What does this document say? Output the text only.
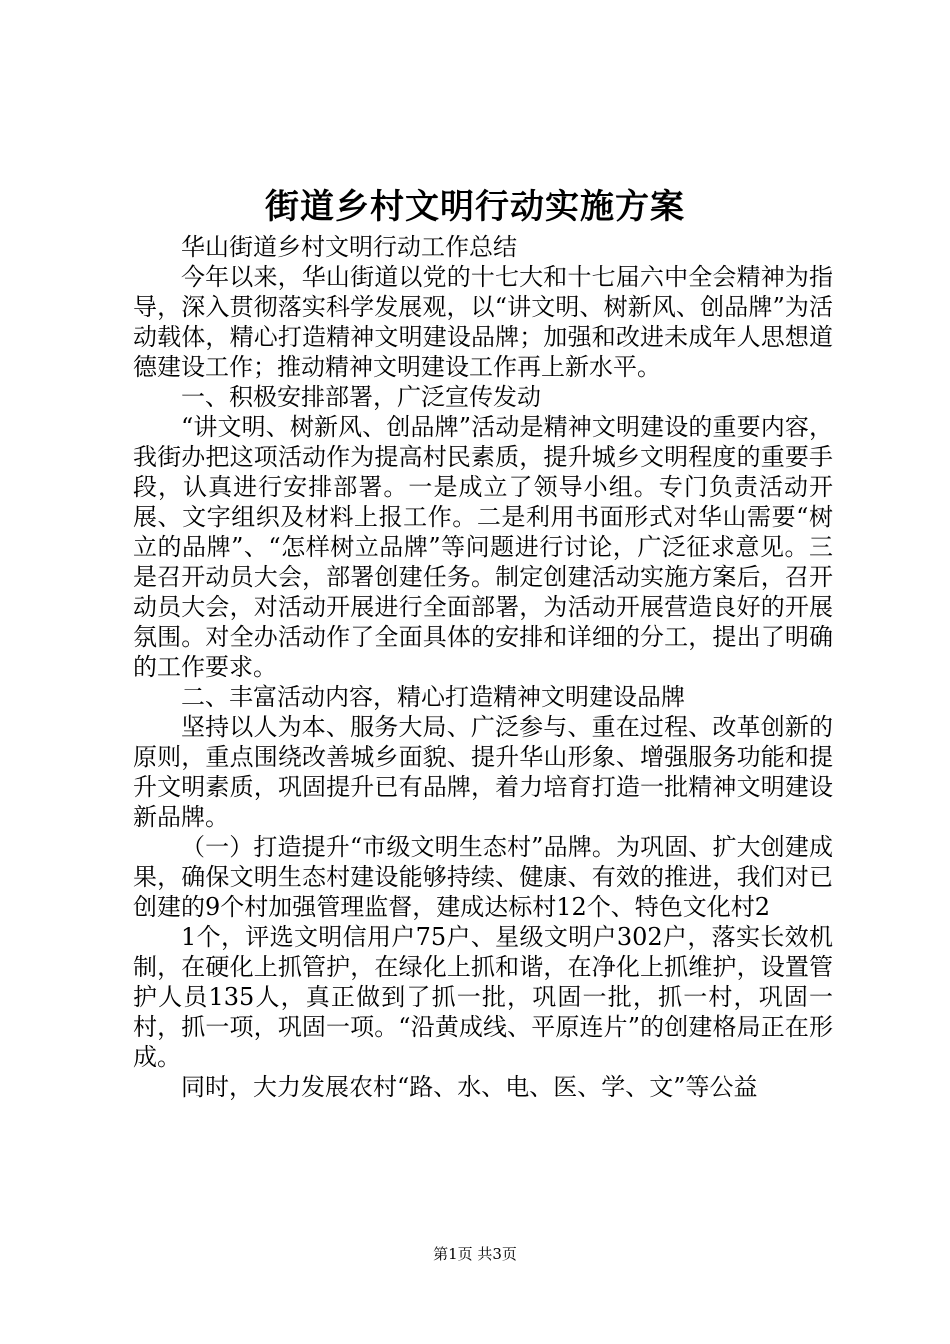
街道乡村文明行动实施方案

华山街道乡村文明行动工作总结

今年以来，华山街道以党的十七大和十七届六中全会精神为指导，深入贯彻落实科学发展观，以“讲文明、树新风、创品牌”为活动载体，精心打造精神文明建设品牌；加强和改进未成年人思想道德建设工作；推动精神文明建设工作再上新水平。

一、积极安排部署，广泛宣传发动

“讲文明、树新风、创品牌”活动是精神文明建设的重要内容，我街办把这项活动作为提高村民素质，提升城乡文明程度的重要手段，认真进行安排部署。一是成立了领导小组。专门负责活动开展、文字组织及材料上报工作。二是利用书面形式对华山需要“树立的品牌”、“怎样树立品牌”等问题进行讨论，广泛征求意见。三是召开动员大会，部署创建任务。制定创建活动实施方案后，召开动员大会，对活动开展进行全面部署，为活动开展营造良好的开展氛围。对全办活动作了全面具体的安排和详细的分工，提出了明确的工作要求。

二、丰富活动内容，精心打造精神文明建设品牌

坚持以人为本、服务大局、广泛参与、重在过程、改革创新的原则，重点围绕改善城乡面貌、提升华山形象、增强服务功能和提升文明素质，巩固提升已有品牌，着力培育打造一批精神文明建设新品牌。

（一）打造提升“市级文明生态村”品牌。为巩固、扩大创建成果，确保文明生态村建设能够持续、健康、有效的推进，我们对已创建的9个村加强管理监督，建成达标村12个、特色文化村2

1个，评选文明信用户75户、星级文明户302户，落实长效机制，在硬化上抓管护，在绿化上抓和谐，在净化上抓维护，设置管护人员135人，真正做到了抓一批，巩固一批，抓一村，巩固一村，抓一项，巩固一项。“沿黄成线、平原连片”的创建格局正在形成。

同时，大力发展农村“路、水、电、医、学、文”等公益

第1页 共3页
